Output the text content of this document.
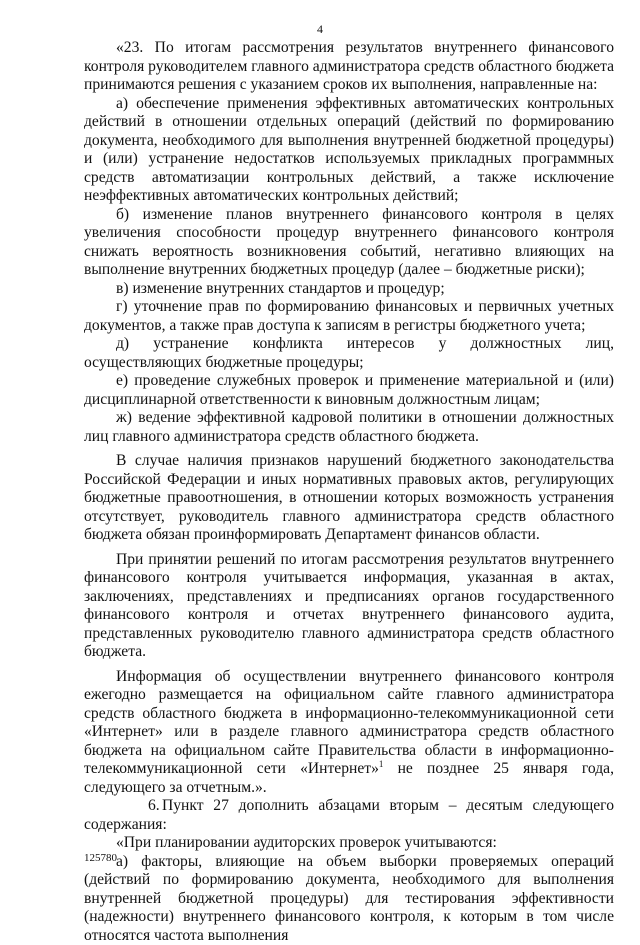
4

«23. По итогам рассмотрения результатов внутреннего финансового контроля руководителем главного администратора средств областного бюджета принимаются решения с указанием сроков их выполнения, направленные на:

а) обеспечение применения эффективных автоматических контрольных действий в отношении отдельных операций (действий по формированию документа, необходимого для выполнения внутренней бюджетной процедуры) и (или) устранение недостатков используемых прикладных программных средств автоматизации контрольных действий, а также исключение неэффективных автоматических контрольных действий;

б) изменение планов внутреннего финансового контроля в целях увеличения способности процедур внутреннего финансового контроля снижать вероятность возникновения событий, негативно влияющих на выполнение внутренних бюджетных процедур (далее – бюджетные риски);

в) изменение внутренних стандартов и процедур;

г) уточнение прав по формированию финансовых и первичных учетных документов, а также прав доступа к записям в регистры бюджетного учета;

д) устранение конфликта интересов у должностных лиц, осуществляющих бюджетные процедуры;

е) проведение служебных проверок и применение материальной и (или) дисциплинарной ответственности к виновным должностным лицам;

ж) ведение эффективной кадровой политики в отношении должностных лиц главного администратора средств областного бюджета.

В случае наличия признаков нарушений бюджетного законодательства Российской Федерации и иных нормативных правовых актов, регулирующих бюджетные правоотношения, в отношении которых возможность устранения отсутствует, руководитель главного администратора средств областного бюджета обязан проинформировать Департамент финансов области.

При принятии решений по итогам рассмотрения результатов внутреннего финансового контроля учитывается информация, указанная в актах, заключениях, представлениях и предписаниях органов государственного финансового контроля и отчетах внутреннего финансового аудита, представленных руководителю главного администратора средств областного бюджета.

Информация об осуществлении внутреннего финансового контроля ежегодно размещается на официальном сайте главного администратора средств областного бюджета в информационно-телекоммуникационной сети «Интернет» или в разделе главного администратора средств областного бюджета на официальном сайте Правительства области в информационно-телекоммуникационной сети «Интернет»$^1$ не позднее 25 января года, следующего за отчетным.».

6. Пункт 27 дополнить абзацами вторым – десятым следующего содержания:

«При планировании аудиторских проверок учитываются:

а) факторы, влияющие на объем выборки проверяемых операций (действий по формированию документа, необходимого для выполнения внутренней бюджетной процедуры) для тестирования эффективности (надежности) внутреннего финансового контроля, к которым в том числе относятся частота выполнения

125780
